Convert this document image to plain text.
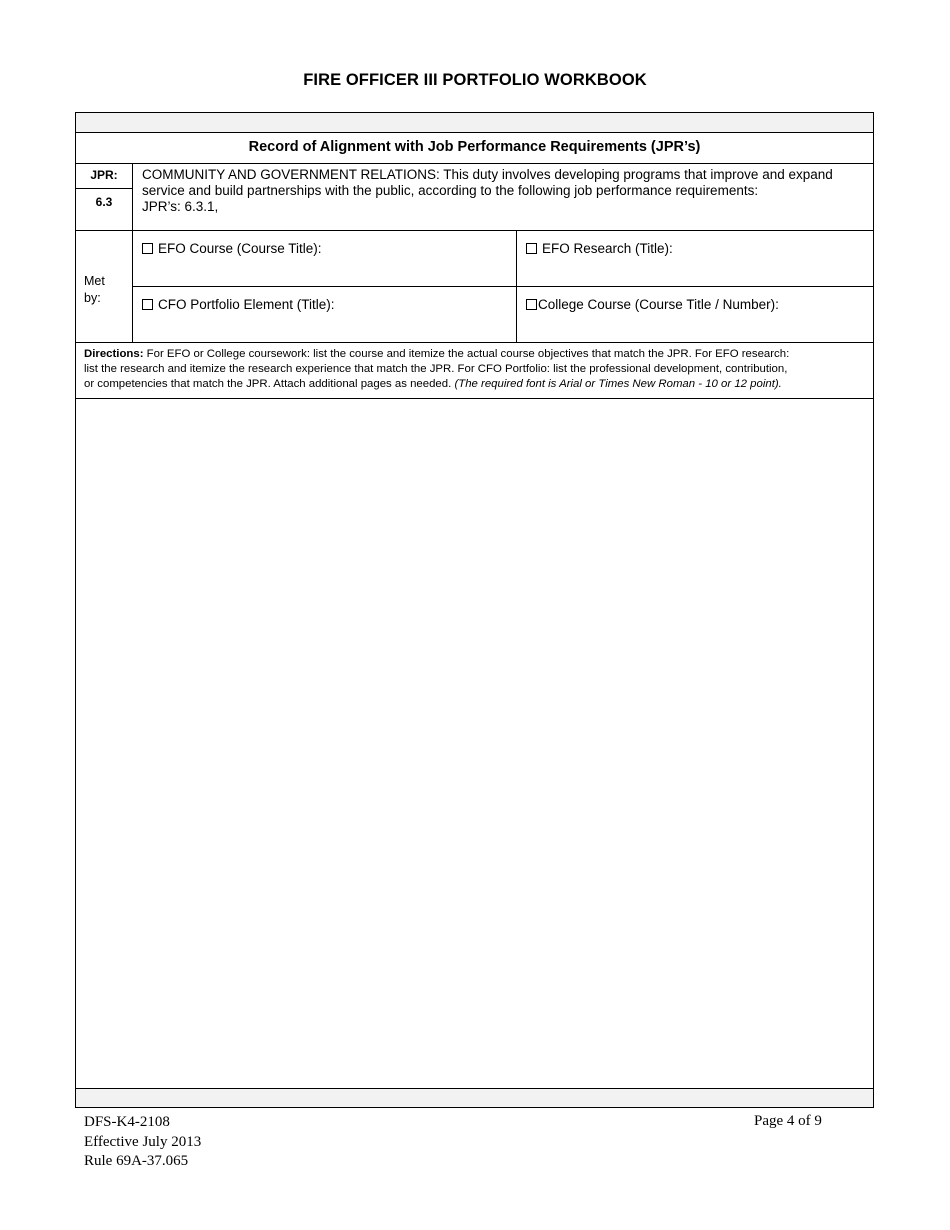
FIRE OFFICER III PORTFOLIO WORKBOOK
Record of Alignment with Job Performance Requirements (JPR’s)
JPR:
6.3
COMMUNITY AND GOVERNMENT RELATIONS: This duty involves developing programs that improve and expand
service and build partnerships with the public, according to the following job performance requirements:
JPR’s: 6.3.1,
Met by:
EFO Course (Course Title):	EFO Research (Title):
CFO Portfolio Element (Title):	College Course (Course Title / Number):
Directions: For EFO or College coursework: list the course and itemize the actual course objectives that match the JPR. For EFO research:
list the research and itemize the research experience that match the JPR. For CFO Portfolio: list the professional development, contribution,
or competencies that match the JPR. Attach additional pages as needed. (The required font is Arial or Times New Roman - 10 or 12 point).
DFS-K4-2108
Effective July 2013
Rule 69A-37.065
Page 4 of 9
